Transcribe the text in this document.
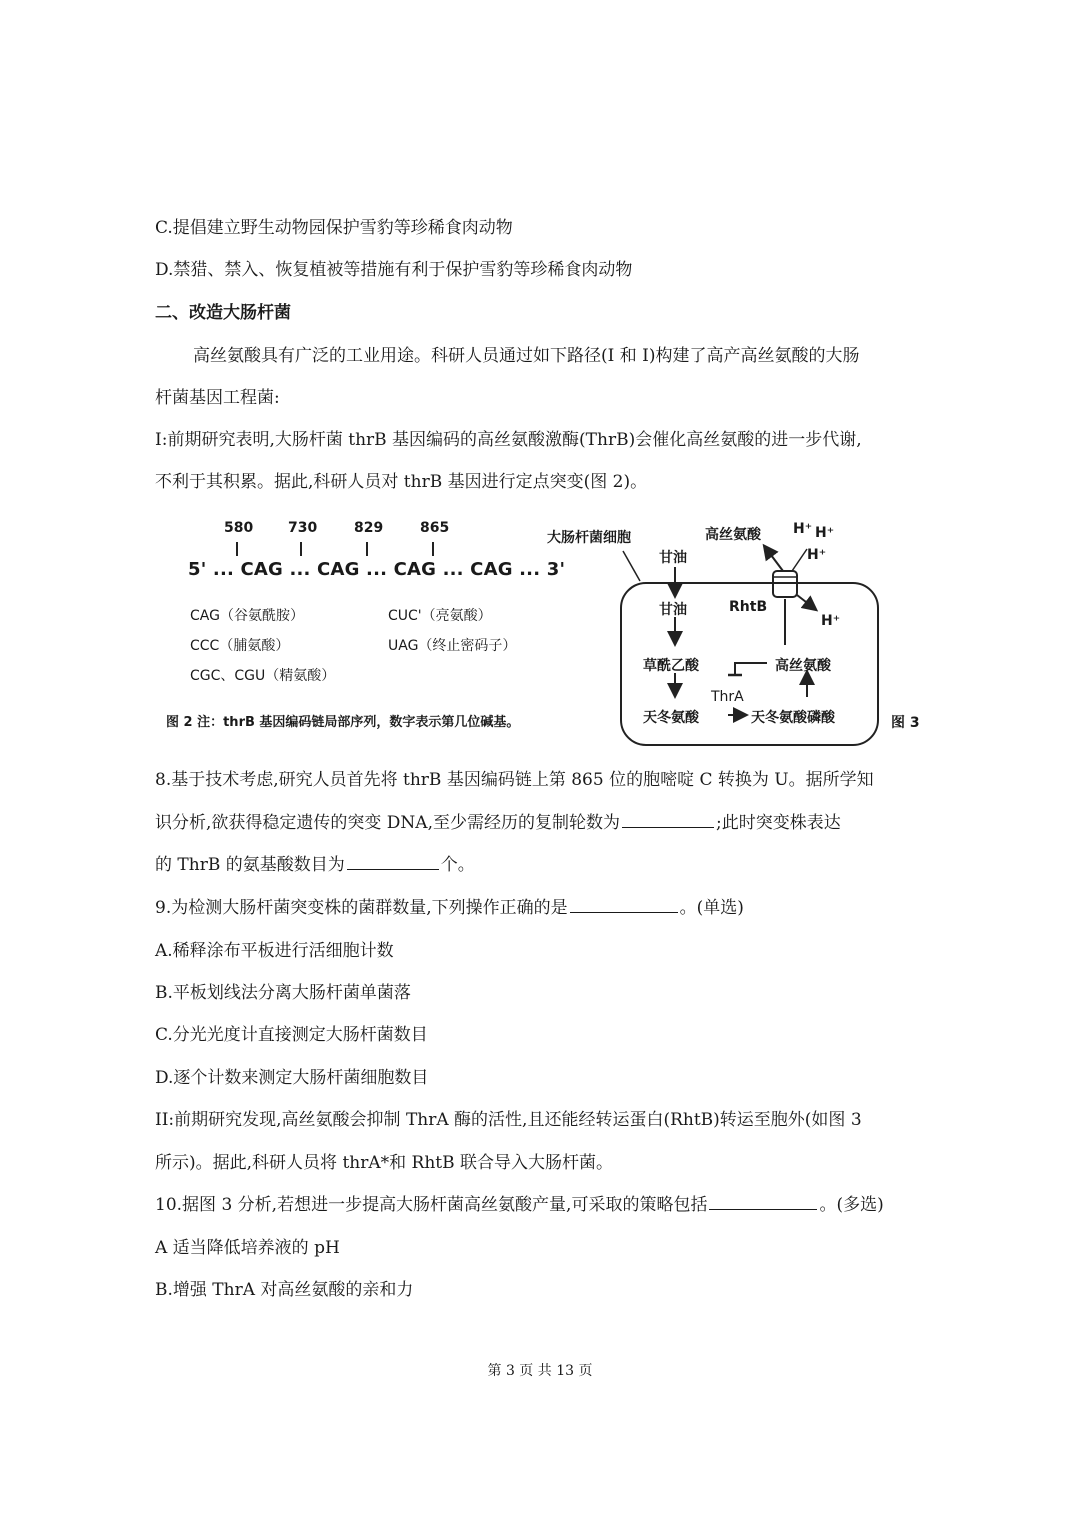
C.提倡建立野生动物园保护雪豹等珍稀食肉动物
D.禁猎、禁入、恢复植被等措施有利于保护雪豹等珍稀食肉动物
二、改造大肠杆菌
高丝氨酸具有广泛的工业用途。科研人员通过如下路径(I 和 I)构建了高产高丝氨酸的大肠
杆菌基因工程菌:
I:前期研究表明,大肠杆菌 thrB 基因编码的高丝氨酸激酶(ThrB)会催化高丝氨酸的进一步代谢,
不利于其积累。据此,科研人员对 thrB 基因进行定点突变(图 2)。
580 730	829	865
5' ... CAG ... CAG ... CAG ... CAG ... 3'
CAG（谷氨酰胺）	CUC'（亮氨酸）
CCC（脯氨酸）	UAG（终止密码子）
CGC、CGU（精氨酸）
图 2 注：thrB 基因编码链局部序列，数字表示第几位碱基。
大肠杆菌细胞
甘油
高丝氨酸 H⁺ H⁺
H⁺
H⁺
RhtB
甘油
草酰乙酸	高丝氨酸
ThrA
天冬氨酸	天冬氨酸磷酸	图 3
8.基于技术考虑,研究人员首先将 thrB 基因编码链上第 865 位的胞嘧啶 C 转换为 U。据所学知
识分析,欲获得稳定遗传的突变 DNA,至少需经历的复制轮数为	;此时突变株表达
的 ThrB 的氨基酸数目为	个。
9.为检测大肠杆菌突变株的菌群数量,下列操作正确的是	。(单选)
A.稀释涂布平板进行活细胞计数
B.平板划线法分离大肠杆菌单菌落
C.分光光度计直接测定大肠杆菌数目
D.逐个计数来测定大肠杆菌细胞数目
II:前期研究发现,高丝氨酸会抑制 ThrA 酶的活性,且还能经转运蛋白(RhtB)转运至胞外(如图 3
所示)。据此,科研人员将 thrA*和 RhtB 联合导入大肠杆菌。
10.据图 3 分析,若想进一步提高大肠杆菌高丝氨酸产量,可采取的策略包括	。(多选)
A 适当降低培养液的 pH
B.增强 ThrA 对高丝氨酸的亲和力
第 3 页 共 13 页
